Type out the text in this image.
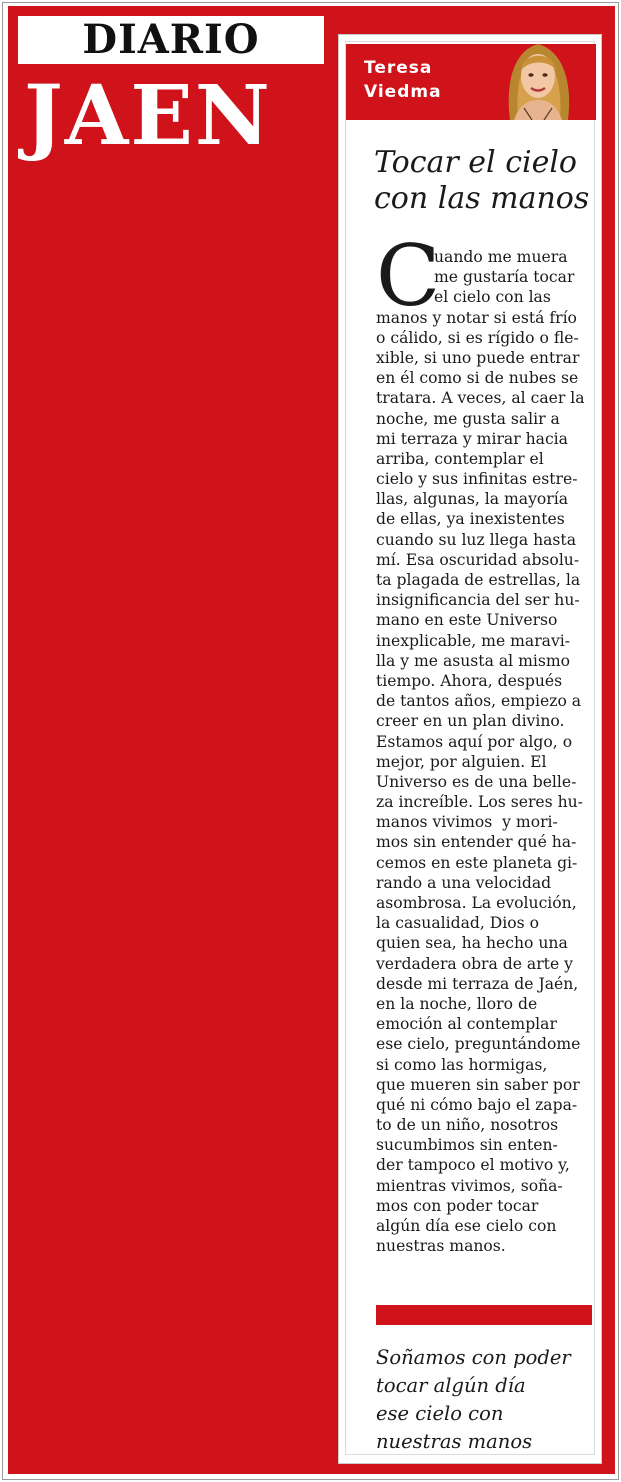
DIARIO
JAEN	Teresa
Viedma
Tocar el cielo
con las manos
C
uando me muera
me gustaría tocar
el cielo con las
manos y notar si está frío
o cálido, si es rígido o fle-
xible, si uno puede entrar
en él como si de nubes se
tratara. A veces, al caer la
noche, me gusta salir a
mi terraza y mirar hacia
arriba, contemplar el
cielo y sus infinitas estre-
llas, algunas, la mayoría
de ellas, ya inexistentes
cuando su luz llega hasta
mí. Esa oscuridad absolu-
ta plagada de estrellas, la
insignificancia del ser hu-
mano en este Universo
inexplicable, me maravi-
lla y me asusta al mismo
tiempo. Ahora, después
de tantos años, empiezo a
creer en un plan divino.
Estamos aquí por algo, o
mejor, por alguien. El
Universo es de una belle-
za increíble. Los seres hu-
manos vivimos  y mori-
mos sin entender qué ha-
cemos en este planeta gi-
rando a una velocidad
asombrosa. La evolución,
la casualidad, Dios o
quien sea, ha hecho una
verdadera obra de arte y
desde mi terraza de Jaén,
en la noche, lloro de
emoción al contemplar
ese cielo, preguntándome
si como las hormigas,
que mueren sin saber por
qué ni cómo bajo el zapa-
to de un niño, nosotros
sucumbimos sin enten-
der tampoco el motivo y,
mientras vivimos, soña-
mos con poder tocar
algún día ese cielo con
nuestras manos.
Soñamos con poder
tocar algún día
ese cielo con
nuestras manos
